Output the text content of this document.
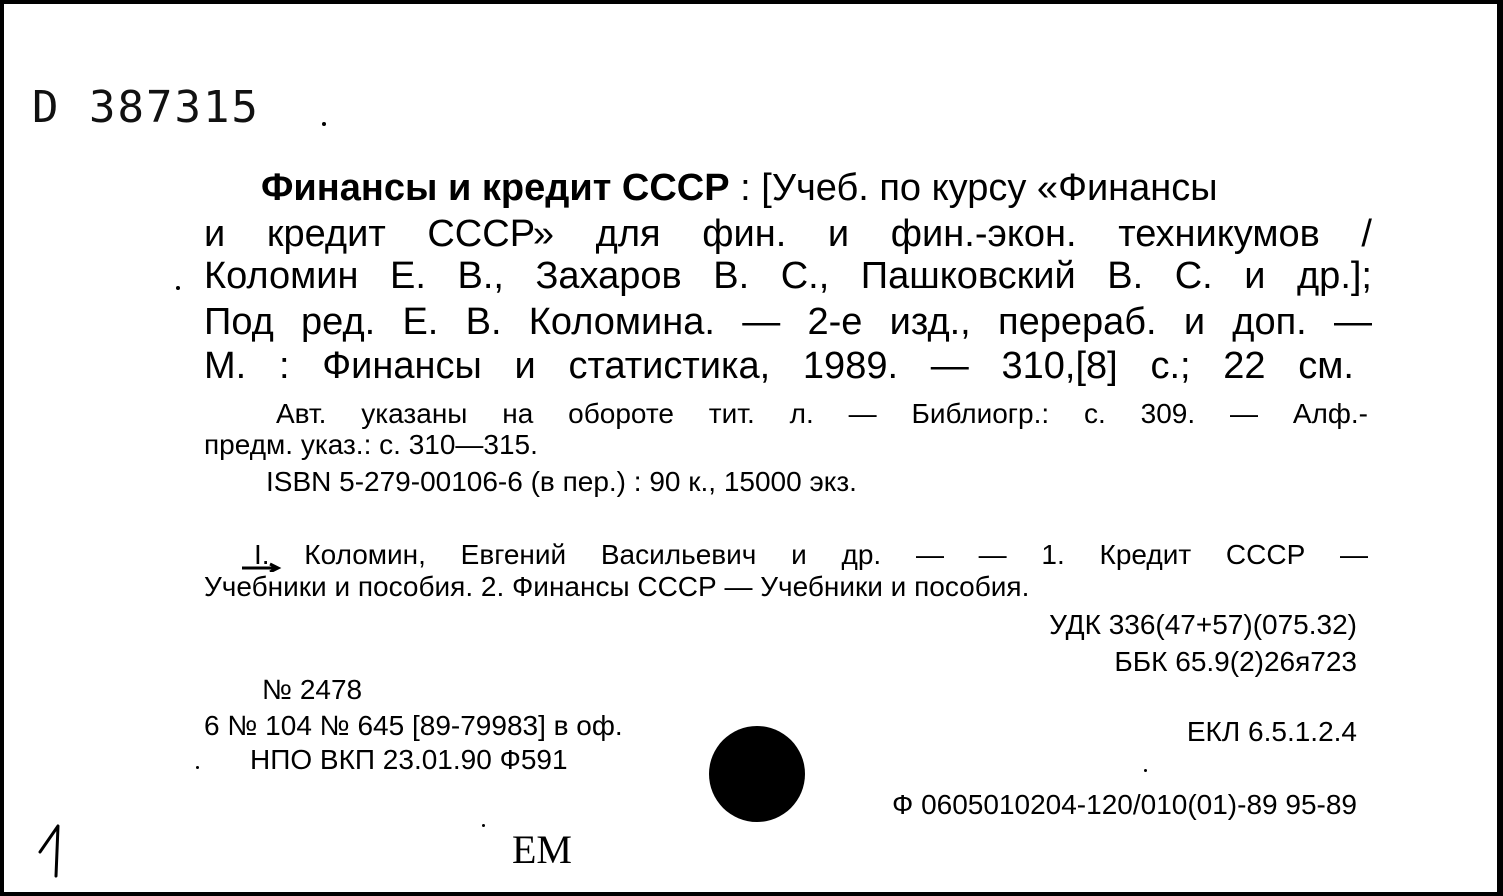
D 387315
Финансы и кредит СССР : [Учеб. по курсу «Финансы
и кредит СССР» для фин. и фин.-экон. техникумов /
Коломин Е. В., Захаров В. С., Пашковский В. С. и др.];
Под ред. Е. В. Коломина. — 2-е изд., перераб. и доп. —
М. : Финансы и статистика, 1989. — 310,[8] с.; 22 см.
Авт. указаны на обороте тит. л. — Библиогр.: с. 309. — Алф.-
предм. указ.: с. 310—315.
ISBN 5-279-00106-6 (в пер.) : 90 к., 15000 экз.
I. Коломин, Евгений Васильевич и др. — — 1. Кредит СССР —
Учебники и пособия. 2. Финансы СССР — Учебники и пособия.
УДК 336(47+57)(075.32)
ББК 65.9(2)26я723
№ 2478
6 № 104 № 645 [89-79983] в оф.
НПО ВКП 23.01.90 Ф591
ЕКЛ 6.5.1.2.4
Ф 0605010204-120/010(01)-89 95-89
ЕМ
